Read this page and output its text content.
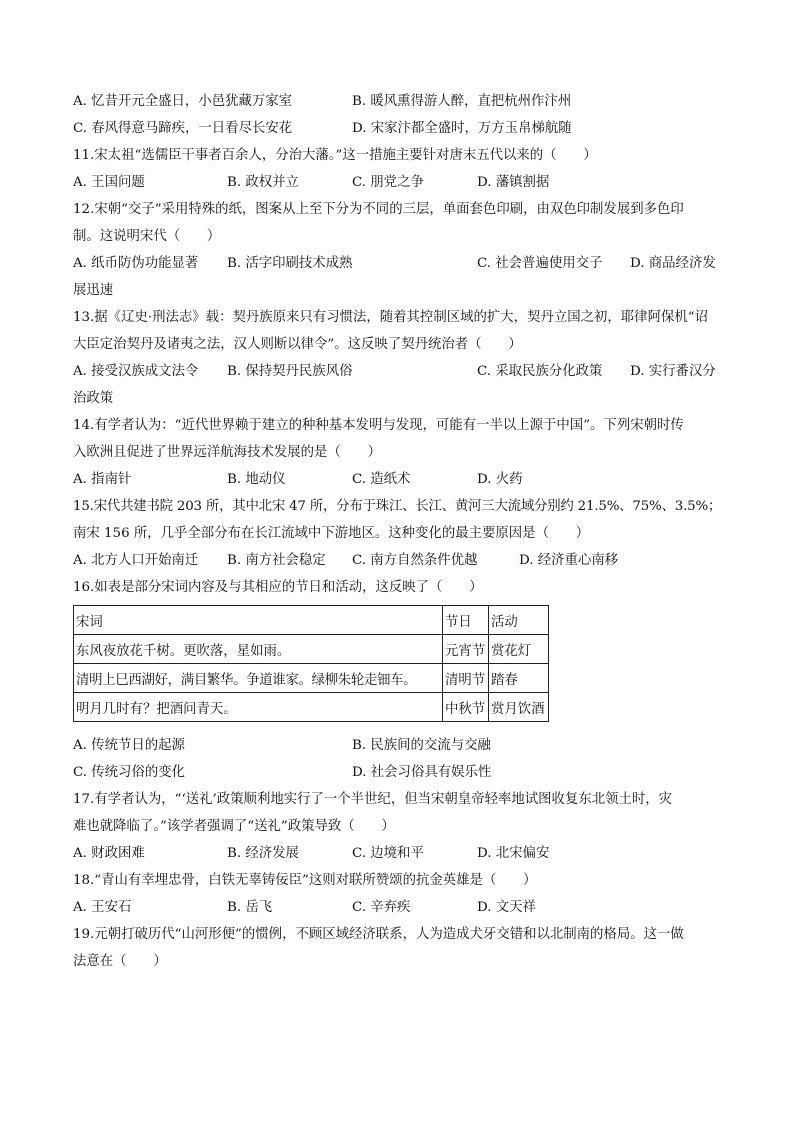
A. 忆昔开元全盛日，小邑犹藏万家室	B. 暖风熏得游人醉，直把杭州作汴州
C. 春风得意马蹄疾，一日看尽长安花	D. 宋家汴都全盛时，万方玉帛梯航随
11.宋太祖“选儒臣干事者百余人，分治大藩。”这一措施主要针对唐末五代以来的（　　）
A. 王国问题	B. 政权并立	C. 朋党之争	D. 藩镇割据
12.宋朝“交子”采用特殊的纸，图案从上至下分为不同的三层，单面套色印刷，由双色印制发展到多色印
制。这说明宋代（　　）
A. 纸币防伪功能显著 B. 活字印刷技术成熟	C. 社会普遍使用交子 D. 商品经济发
展迅速
13.据《辽史·刑法志》载：契丹族原来只有习惯法，随着其控制区域的扩大，契丹立国之初，耶律阿保机“诏
大臣定治契丹及诸夷之法，汉人则断以律令”。这反映了契丹统治者（　　）
A. 接受汉族成文法令 B. 保持契丹民族风俗	C. 采取民族分化政策 D. 实行番汉分
治政策
14.有学者认为：“近代世界赖于建立的种种基本发明与发现，可能有一半以上源于中国”。下列宋朝时传
入欧洲且促进了世界远洋航海技术发展的是（　　）
A. 指南针	B. 地动仪	C. 造纸术	D. 火药
15.宋代共建书院 203 所，其中北宋 47 所，分布于珠江、长江、黄河三大流域分别约 21.5%、75%、3.5%；
南宋 156 所，几乎全部分布在长江流域中下游地区。这种变化的最主要原因是（　　）
A. 北方人口开始南迁 B. 南方社会稳定 C. 南方自然条件优越	D. 经济重心南移
16.如表是部分宋词内容及与其相应的节日和活动，这反映了（　　）
宋词	节日	活动
东风夜放花千树。更吹落，星如雨。	元宵节	赏花灯
清明上巳西湖好，满目繁华。争道谁家。绿柳朱轮走钿车。	清明节	踏春
明月几时有？把酒问青天。	中秋节	赏月饮酒
A. 传统节日的起源	B. 民族间的交流与交融
C. 传统习俗的变化	D. 社会习俗具有娱乐性
17.有学者认为，“‘送礼’政策顺利地实行了一个半世纪，但当宋朝皇帝轻率地试图收复东北领土时，灾
难也就降临了。”该学者强调了“送礼”政策导致（　　）
A. 财政困难	B. 经济发展	C. 边境和平	D. 北宋偏安
18.“青山有幸埋忠骨，白铁无辜铸佞臣”这则对联所赞颂的抗金英雄是（　　）
A. 王安石	B. 岳飞	C. 辛弃疾	D. 文天祥
19.元朝打破历代“山河形便”的惯例，不顾区域经济联系，人为造成犬牙交错和以北制南的格局。这一做
法意在（　　）
